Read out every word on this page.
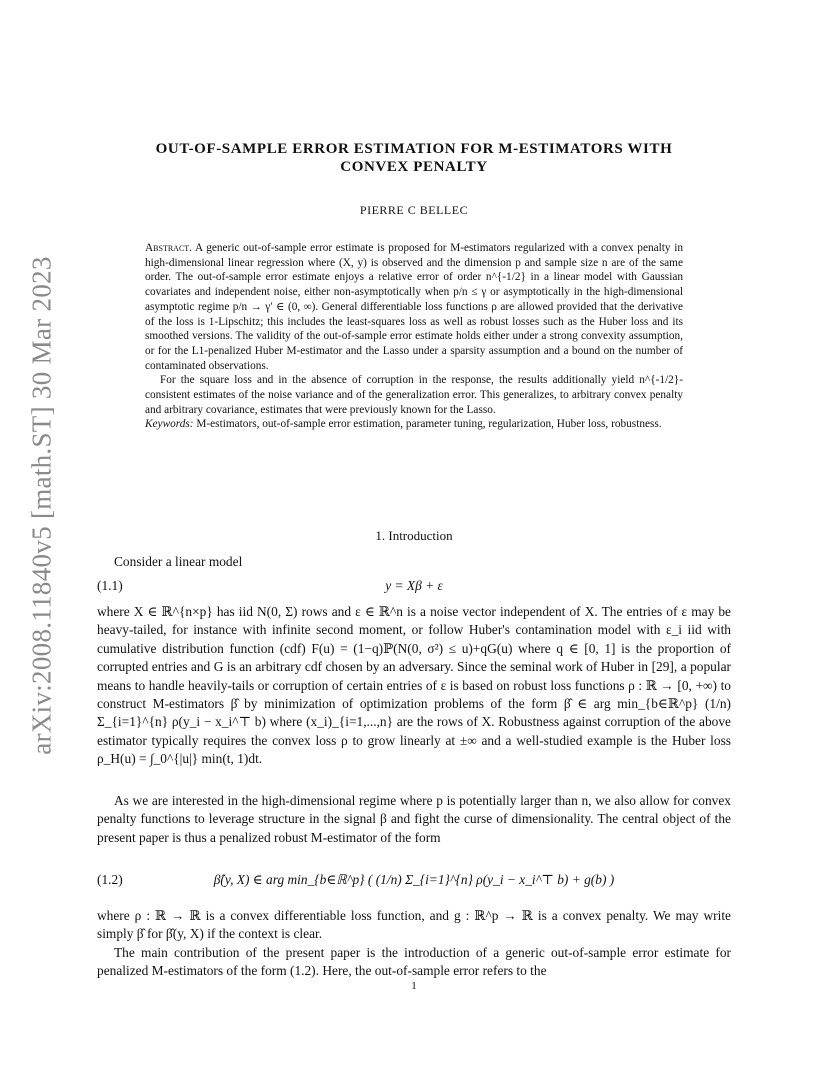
arXiv:2008.11840v5 [math.ST] 30 Mar 2023
OUT-OF-SAMPLE ERROR ESTIMATION FOR M-ESTIMATORS WITH
CONVEX PENALTY
PIERRE C BELLEC

Abstract. A generic out-of-sample error estimate is proposed for M-estimators regularized with a convex penalty in high-dimensional linear regression where (X, y) is observed and the dimension p and sample size n are of the same order. The out-of-sample error estimate enjoys a relative error of order n^{-1/2} in a linear model with Gaussian covariates and independent noise, either non-asymptotically when p/n ≤ γ or asymptotically in the high-dimensional asymptotic regime p/n → γ′ ∈ (0, ∞). General differentiable loss functions ρ are allowed provided that the derivative of the loss is 1-Lipschitz; this includes the least-squares loss as well as robust losses such as the Huber loss and its smoothed versions. The validity of the out-of-sample error estimate holds either under a strong convexity assumption, or for the L1-penalized Huber M-estimator and the Lasso under a sparsity assumption and a bound on the number of contaminated observations.

For the square loss and in the absence of corruption in the response, the results additionally yield n^{-1/2}-consistent estimates of the noise variance and of the generalization error. This generalizes, to arbitrary convex penalty and arbitrary covariance, estimates that were previously known for the Lasso.

Keywords: M-estimators, out-of-sample error estimation, parameter tuning, regularization, Huber loss, robustness.

1. Introduction

Consider a linear model

(1.1)	y = Xβ + ε

where X ∈ ℝ^{n×p} has iid N(0, Σ) rows and ε ∈ ℝ^n is a noise vector independent of X. The entries of ε may be heavy-tailed, for instance with infinite second moment, or follow Huber's contamination model with ε_i iid with cumulative distribution function (cdf) F(u) = (1−q)ℙ(N(0, σ²) ≤ u)+qG(u) where q ∈ [0, 1] is the proportion of corrupted entries and G is an arbitrary cdf chosen by an adversary. Since the seminal work of Huber in [29], a popular means to handle heavily-tails or corruption of certain entries of ε is based on robust loss functions ρ : ℝ → [0, +∞) to construct M-estimators β̂ by minimization of optimization problems of the form β̂ ∈ arg min_{b∈ℝ^p} (1/n) Σ_{i=1}^{n} ρ(y_i − x_i^⊤ b) where (x_i)_{i=1,...,n} are the rows of X. Robustness against corruption of the above estimator typically requires the convex loss ρ to grow linearly at ±∞ and a well-studied example is the Huber loss ρ_H(u) = ∫_0^{|u|} min(t, 1)dt.

As we are interested in the high-dimensional regime where p is potentially larger than n, we also allow for convex penalty functions to leverage structure in the signal β and fight the curse of dimensionality. The central object of the present paper is thus a penalized robust M-estimator of the form

(1.2)	β̂(y, X) ∈ arg min_{b∈ℝ^p} ( (1/n) Σ_{i=1}^{n} ρ(y_i − x_i^⊤ b) + g(b) )

where ρ : ℝ → ℝ is a convex differentiable loss function, and g : ℝ^p → ℝ is a convex penalty. We may write simply β̂ for β̂(y, X) if the context is clear.

The main contribution of the present paper is the introduction of a generic out-of-sample error estimate for penalized M-estimators of the form (1.2). Here, the out-of-sample error refers to the

1
